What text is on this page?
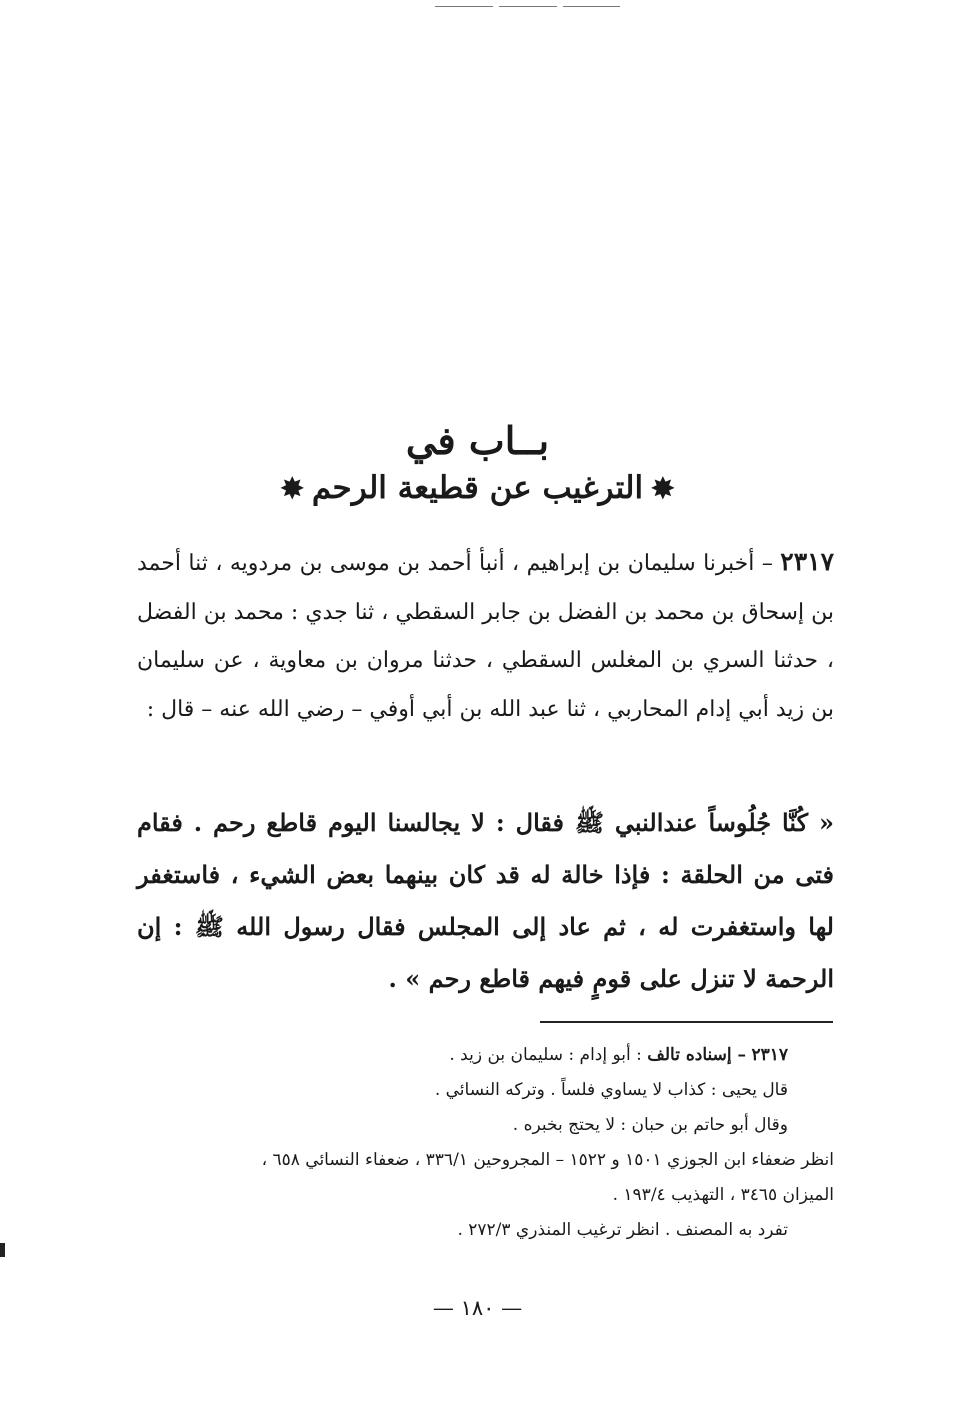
بــاب في
✸الترغيب عن قطيعة الرحم✸
٢٣١٧ – أخبرنا سليمان بن إبراهيم ، أنبأ أحمد بن موسى بن مردويه ، ثنا أحمد بن إسحاق بن محمد بن الفضل بن جابر السقطي ، ثنا جدي : محمد بن الفضل ، حدثنا السري بن المغلس السقطي ، حدثنا مروان بن معاوية ، عن سليمان بن زيد أبي إدام المحاربي ، ثنا عبد الله بن أبي أوفي – رضي الله عنه – قال :
« كُنَّا جُلُوساً عندالنبي ﷺ فقال : لا يجالسنا اليوم قاطع رحم . فقام فتى من الحلقة : فإذا خالة له قد كان بينهما بعض الشيء ، فاستغفر لها واستغفرت له ، ثم عاد إلى المجلس فقال رسول الله ﷺ : إن الرحمة لا تنزل على قومٍ فيهم قاطع رحم » .
٢٣١٧ – إسناده تالف : أبو إدام : سليمان بن زيد .
قال يحيى : كذاب لا يساوي فلساً . وتركه النسائي .
وقال أبو حاتم بن حبان : لا يحتج بخبره .
انظر ضعفاء ابن الجوزي ١٥٠١ و ١٥٢٢ – المجروحين ٣٣٦/١ ، ضعفاء النسائي ٦٥٨ ،
الميزان ٣٤٦٥ ، التهذيب ١٩٣/٤ .
تفرد به المصنف . انظر ترغيب المنذري ٢٧٢/٣ .
— ١٨٠ —
